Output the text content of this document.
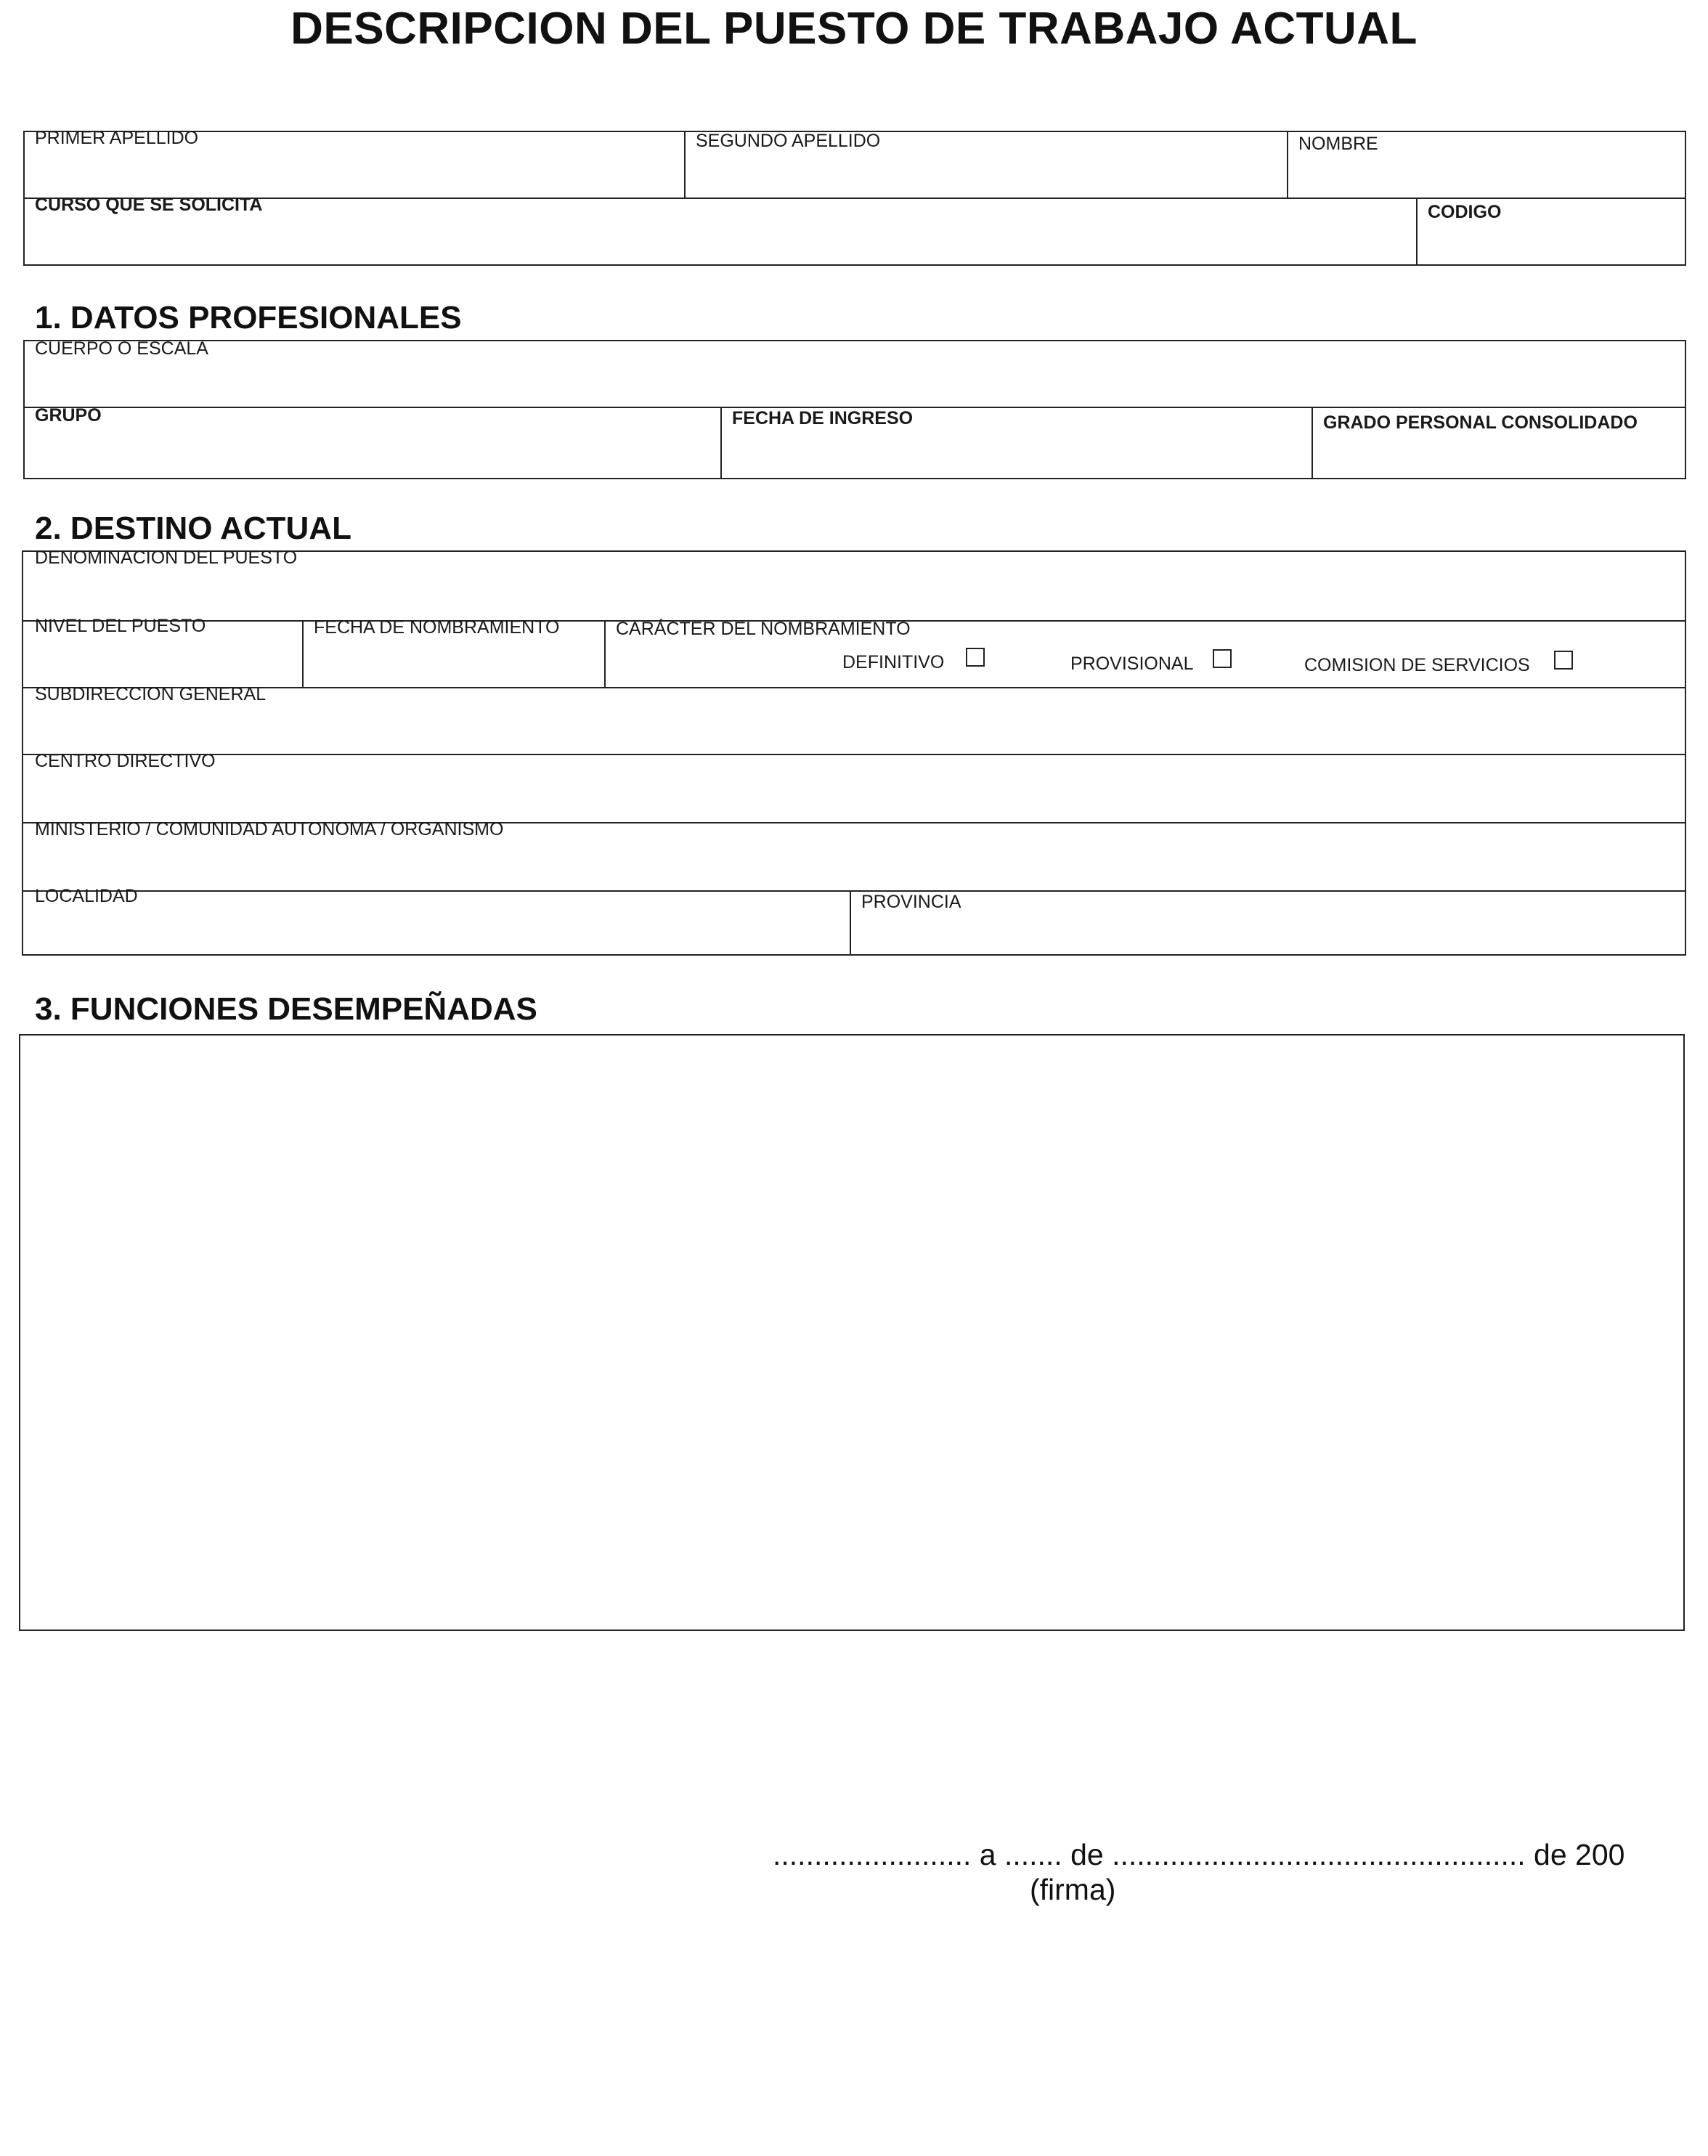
DESCRIPCION DEL PUESTO DE TRABAJO ACTUAL
PRIMER APELLIDO	SEGUNDO APELLIDO	NOMBRE
CURSO QUE SE SOLICITA	CODIGO
1. DATOS PROFESIONALES
CUERPO O ESCALA
GRUPO	FECHA DE INGRESO	GRADO PERSONAL CONSOLIDADO
2. DESTINO ACTUAL
DENOMINACION DEL PUESTO
NIVEL DEL PUESTO	FECHA DE NOMBRAMIENTO	CARÁCTER DEL NOMBRAMIENTO
DEFINITIVO	PROVISIONAL	COMISION DE SERVICIOS
SUBDIRECCION GENERAL
CENTRO DIRECTIVO
MINISTERIO / COMUNIDAD AUTONOMA / ORGANISMO
LOCALIDAD	PROVINCIA
3. FUNCIONES DESEMPEÑADAS
........................ a ....... de .................................................. de 200
(firma)
